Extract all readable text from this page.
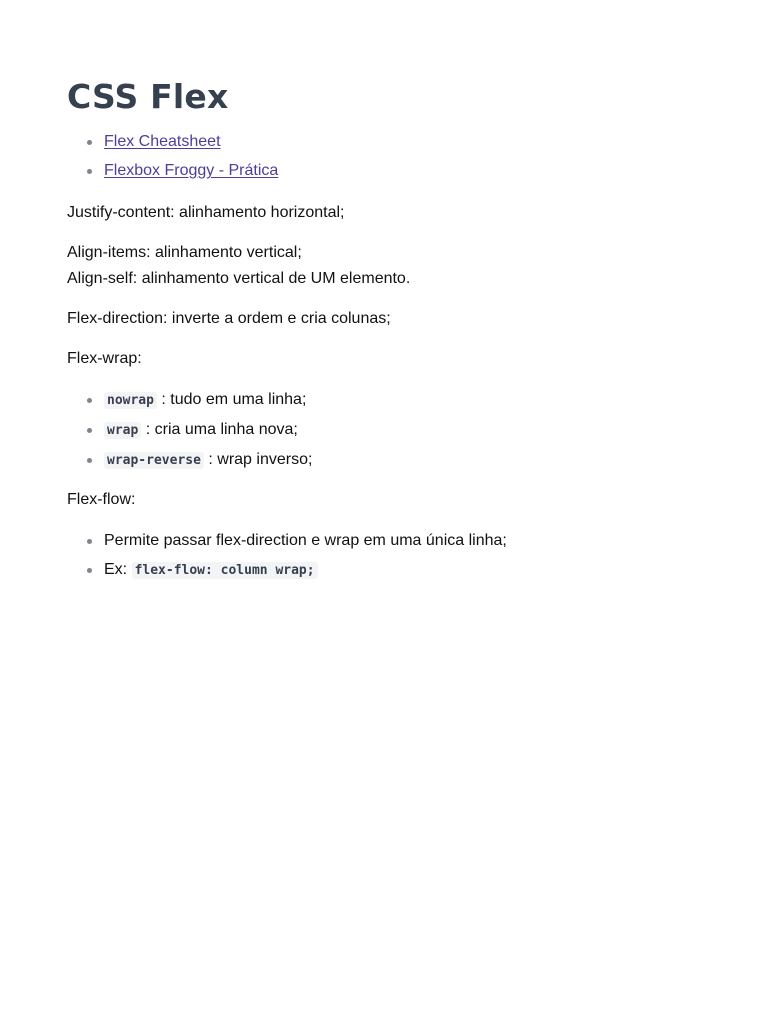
CSS Flex
Flex Cheatsheet
Flexbox Froggy - Prática

Justify-content: alinhamento horizontal;

Align-items: alinhamento vertical;

Align-self: alinhamento vertical de UM elemento.

Flex-direction: inverte a ordem e cria colunas;

Flex-wrap:

nowrap : tudo em uma linha;
wrap : cria uma linha nova;
wrap-reverse : wrap inverso;

Flex-flow:

Permite passar flex-direction e wrap em uma única linha;
Ex: flex-flow: column wrap;
